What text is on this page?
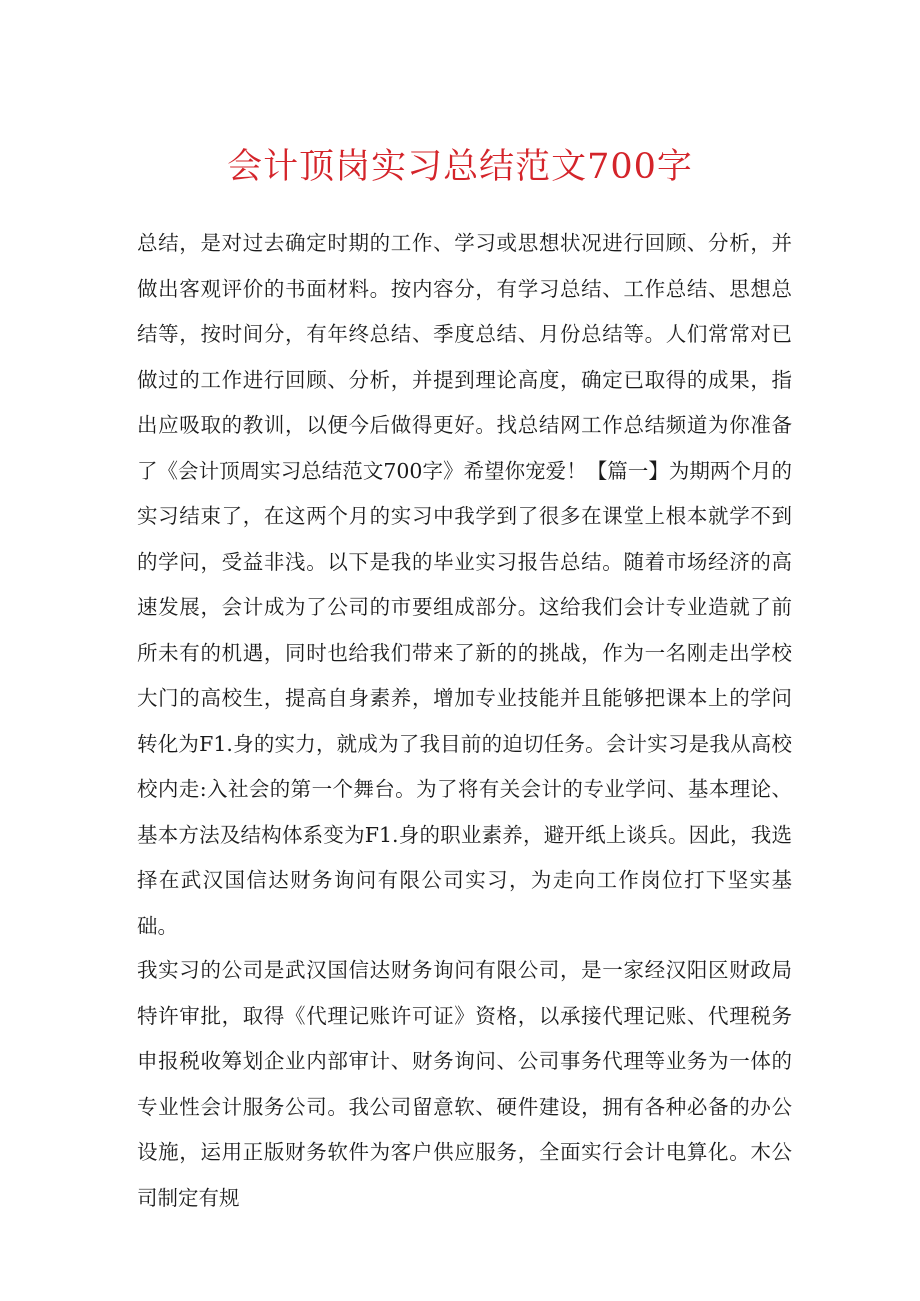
会计顶岗实习总结范文700字

总结，是对过去确定时期的工作、学习或思想状况进行回顾、分析，并做出客观评价的书面材料。按内容分，有学习总结、工作总结、思想总结等，按时间分，有年终总结、季度总结、月份总结等。人们常常对已做过的工作进行回顾、分析，并提到理论高度，确定已取得的成果，指出应吸取的教训，以便今后做得更好。找总结网工作总结频道为你准备了《会计顶周实习总结范文700字》希望你宠爱！【篇一】为期两个月的实习结束了，在这两个月的实习中我学到了很多在课堂上根本就学不到的学问，受益非浅。以下是我的毕业实习报告总结。随着市场经济的高速发展，会计成为了公司的市要组成部分。这给我们会计专业造就了前所未有的机遇，同时也给我们带来了新的的挑战，作为一名刚走出学校大门的高校生，提高自身素养，增加专业技能并且能够把课本上的学问转化为F1.身的实力，就成为了我目前的迫切任务。会计实习是我从高校校内走:入社会的第一个舞台。为了将有关会计的专业学问、基本理论、基本方法及结构体系变为F1.身的职业素养，避开纸上谈兵。因此，我选择在武汉国信达财务询问有限公司实习，为走向工作岗位打下坚实基础。

我实习的公司是武汉国信达财务询问有限公司，是一家经汉阳区财政局特许审批，取得《代理记账许可证》资格，以承接代理记账、代理税务申报税收筹划企业内部审计、财务询问、公司事务代理等业务为一体的专业性会计服务公司。我公司留意软、硬件建设，拥有各种必备的办公设施，运用正版财务软件为客户供应服务，全面实行会计电算化。木公司制定有规
